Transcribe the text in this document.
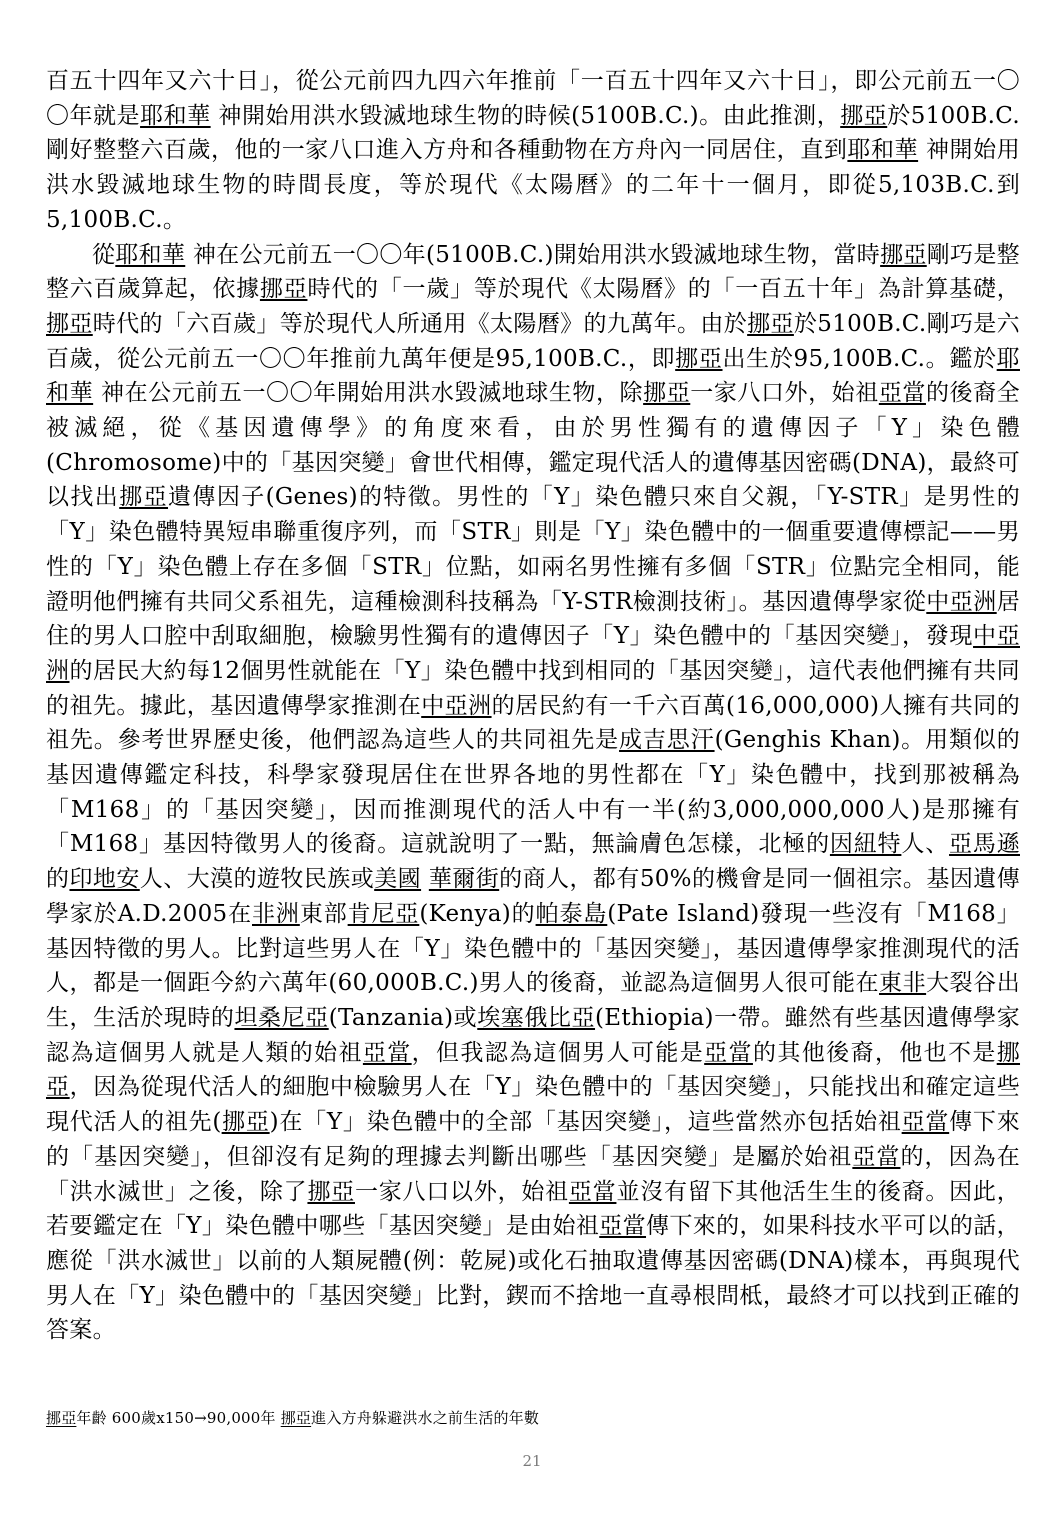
百五十四年又六十日」，從公元前四九四六年推前「一百五十四年又六十日」，即公元前五一〇〇年就是耶和華 神開始用洪水毀滅地球生物的時候(5100B.C.)。由此推測，挪亞於5100B.C.剛好整整六百歲，他的一家八口進入方舟和各種動物在方舟內一同居住，直到耶和華 神開始用洪水毀滅地球生物的時間長度，等於現代《太陽曆》的二年十一個月，即從5,103B.C.到5,100B.C.。

從耶和華 神在公元前五一〇〇年(5100B.C.)開始用洪水毀滅地球生物，當時挪亞剛巧是整整六百歲算起，依據挪亞時代的「一歲」等於現代《太陽曆》的「一百五十年」為計算基礎，挪亞時代的「六百歲」等於現代人所通用《太陽曆》的九萬年。由於挪亞於5100B.C.剛巧是六百歲，從公元前五一〇〇年推前九萬年便是95,100B.C.，即挪亞出生於95,100B.C.。鑑於耶和華 神在公元前五一〇〇年開始用洪水毀滅地球生物，除挪亞一家八口外，始祖亞當的後裔全被滅絕，從《基因遺傳學》的角度來看，由於男性獨有的遺傳因子「Y」染色體(Chromosome)中的「基因突變」會世代相傳，鑑定現代活人的遺傳基因密碼(DNA)，最終可以找出挪亞遺傳因子(Genes)的特徵。男性的「Y」染色體只來自父親，「Y-STR」是男性的「Y」染色體特異短串聯重復序列，而「STR」則是「Y」染色體中的一個重要遺傳標記——男性的「Y」染色體上存在多個「STR」位點，如兩名男性擁有多個「STR」位點完全相同，能證明他們擁有共同父系祖先，這種檢測科技稱為「Y-STR檢測技術」。基因遺傳學家從中亞洲居住的男人口腔中刮取細胞，檢驗男性獨有的遺傳因子「Y」染色體中的「基因突變」，發現中亞洲的居民大約每12個男性就能在「Y」染色體中找到相同的「基因突變」，這代表他們擁有共同的祖先。據此，基因遺傳學家推測在中亞洲的居民約有一千六百萬(16,000,000)人擁有共同的祖先。參考世界歷史後，他們認為這些人的共同祖先是成吉思汗(Genghis Khan)。用類似的基因遺傳鑑定科技，科學家發現居住在世界各地的男性都在「Y」染色體中，找到那被稱為「M168」的「基因突變」，因而推測現代的活人中有一半(約3,000,000,000人)是那擁有「M168」基因特徵男人的後裔。這就說明了一點，無論膚色怎樣，北極的因紐特人、亞馬遜的印地安人、大漠的遊牧民族或美國 華爾街的商人，都有50%的機會是同一個祖宗。基因遺傳學家於A.D.2005在非洲東部肯尼亞(Kenya)的帕泰島(Pate Island)發現一些沒有「M168」基因特徵的男人。比對這些男人在「Y」染色體中的「基因突變」，基因遺傳學家推測現代的活人，都是一個距今約六萬年(60,000B.C.)男人的後裔，並認為這個男人很可能在東非大裂谷出生，生活於現時的坦桑尼亞(Tanzania)或埃塞俄比亞(Ethiopia)一帶。雖然有些基因遺傳學家認為這個男人就是人類的始祖亞當，但我認為這個男人可能是亞當的其他後裔，他也不是挪亞，因為從現代活人的細胞中檢驗男人在「Y」染色體中的「基因突變」，只能找出和確定這些現代活人的祖先(挪亞)在「Y」染色體中的全部「基因突變」，這些當然亦包括始祖亞當傳下來的「基因突變」，但卻沒有足夠的理據去判斷出哪些「基因突變」是屬於始祖亞當的，因為在「洪水滅世」之後，除了挪亞一家八口以外，始祖亞當並沒有留下其他活生生的後裔。因此，若要鑑定在「Y」染色體中哪些「基因突變」是由始祖亞當傳下來的，如果科技水平可以的話，應從「洪水滅世」以前的人類屍體(例：乾屍)或化石抽取遺傳基因密碼(DNA)樣本，再與現代男人在「Y」染色體中的「基因突變」比對，鍥而不捨地一直尋根問柢，最終才可以找到正確的答案。

挪亞年齡 600歲x150→90,000年 挪亞進入方舟躲避洪水之前生活的年數
21
